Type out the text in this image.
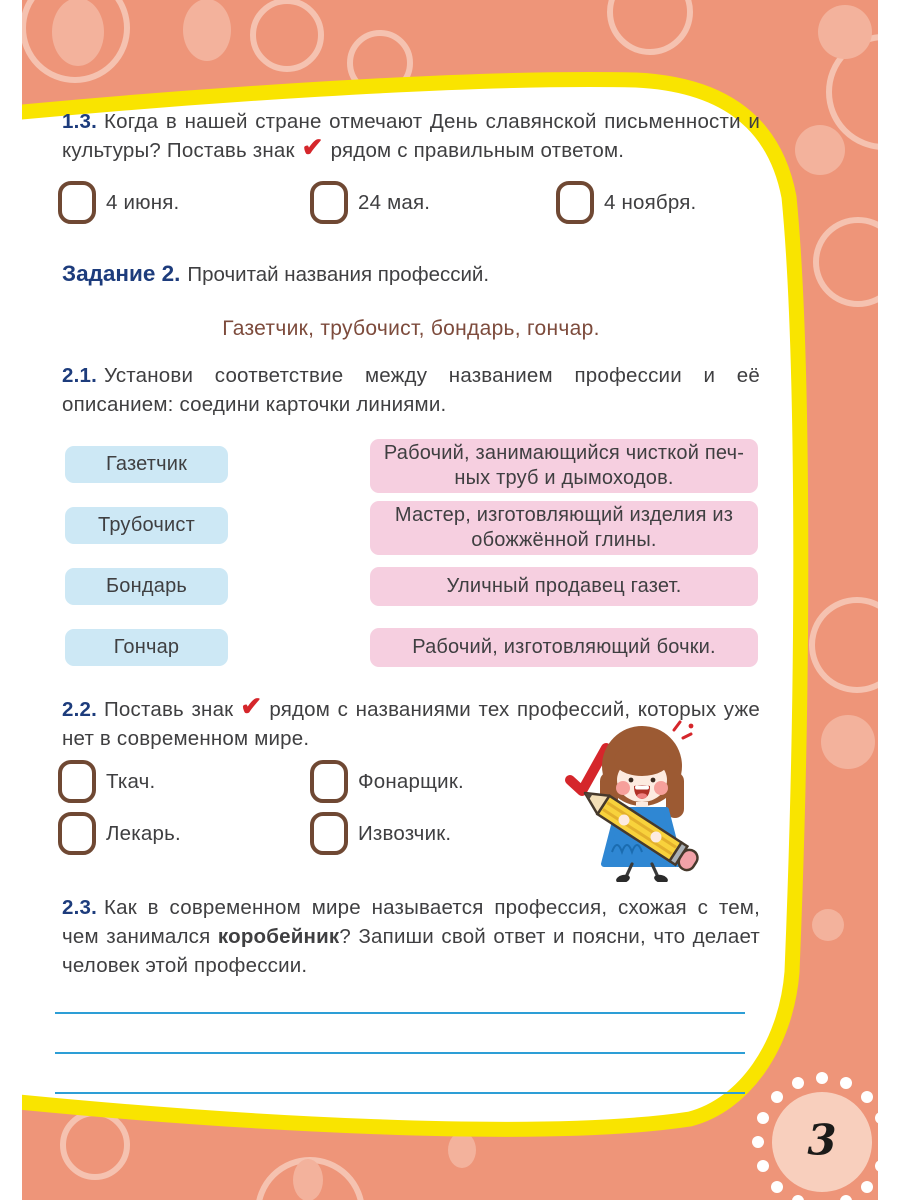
1.3. Когда в нашей стране отмечают День славянской письменности и культуры? Поставь знак ✔ рядом с правильным ответом.

4 июня.	24 мая.	4 ноября.

Задание 2. Прочитай названия профессий.

Газетчик, трубочист, бондарь, гончар.

2.1. Установи соответствие между названием профессии и её описанием: соедини карточки линиями.

Газетчик
Трубочист
Бондарь
Гончар
Рабочий, занимающийся чисткой печ-
ных труб и дымоходов.
Мастер, изготовляющий изделия из
обожжённой глины.
Уличный продавец газет.
Рабочий, изготовляющий бочки.

2.2. Поставь знак ✔ рядом с названиями тех профессий, которых уже нет в современном мире.

Ткач.	Фонарщик.
Лекарь.	Извозчик.

2.3. Как в современном мире называется профессия, схожая с тем, чем занимался коробейник? Запиши свой ответ и поясни, что делает человек этой профессии.

3
